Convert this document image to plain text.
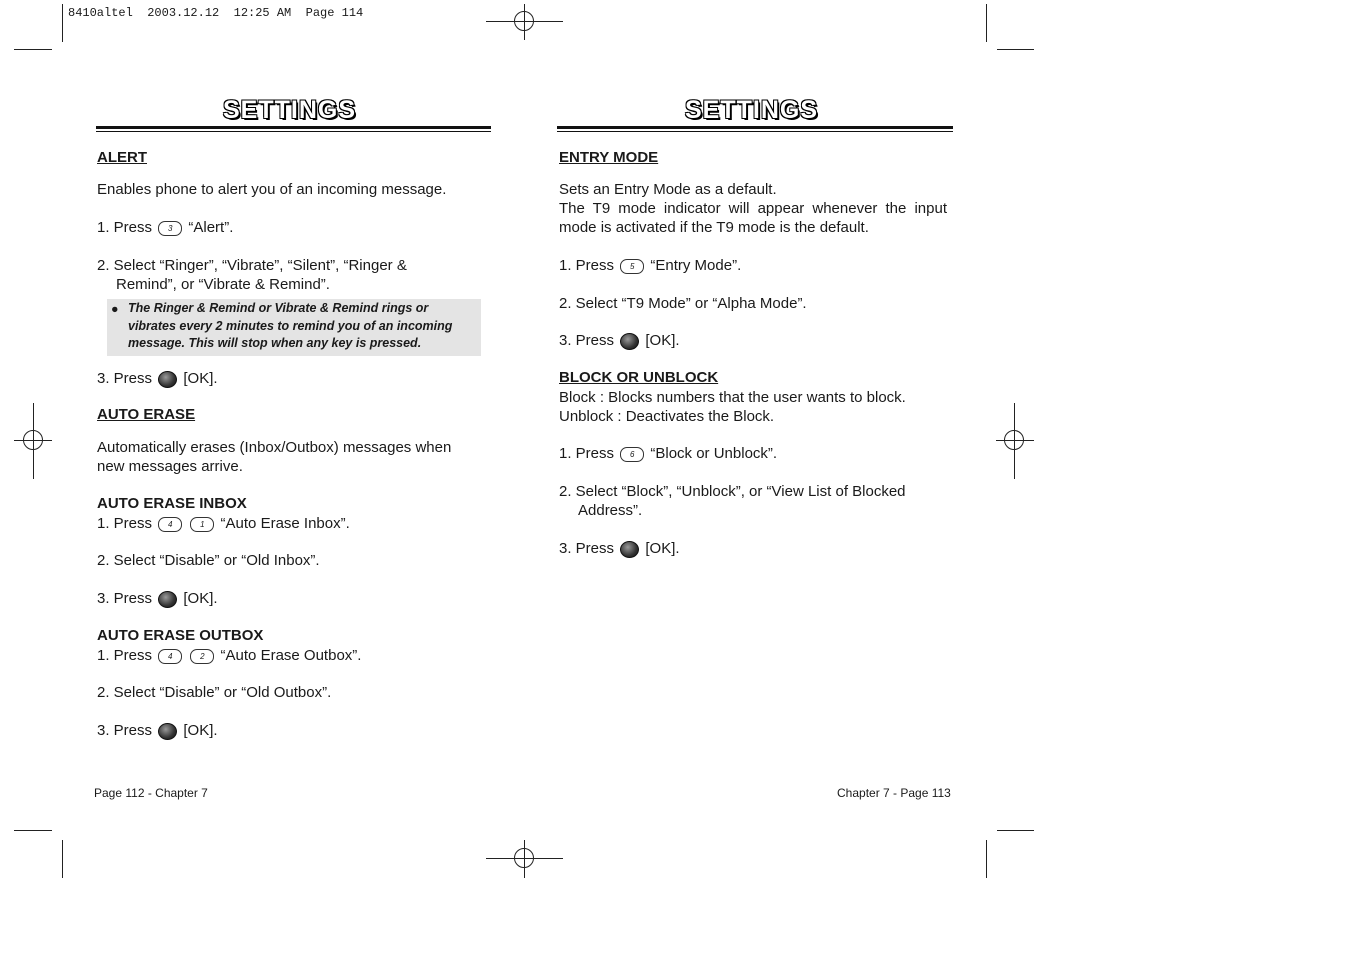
8410altel  2003.12.12  12:25 AM  Page 114
SETTINGS
ALERT
Enables phone to alert you of an incoming message.
1. Press 3 “Alert”.
2. Select “Ringer”, “Vibrate”, “Silent”, “Ringer &
Remind”, or “Vibrate & Remind”.
● The Ringer & Remind or Vibrate & Remind rings or
vibrates every 2 minutes to remind you of an incoming
message. This will stop when any key is pressed.
3. Press [OK].
AUTO ERASE
Automatically erases (Inbox/Outbox) messages when
new messages arrive.
AUTO ERASE INBOX
1. Press 4	1 “Auto Erase Inbox”.
2. Select “Disable” or “Old Inbox”.
3. Press [OK].
AUTO ERASE OUTBOX
1. Press 4	2 “Auto Erase Outbox”.
2. Select “Disable” or “Old Outbox”.
3. Press [OK].
Page 112 - Chapter 7
SETTINGS
ENTRY MODE
Sets an Entry Mode as a default.
The T9 mode indicator will appear whenever the input
mode is activated if the T9 mode is the default.
1. Press 5 “Entry Mode”.
2. Select “T9 Mode” or “Alpha Mode”.
3. Press [OK].
BLOCK OR UNBLOCK
Block : Blocks numbers that the user wants to block.
Unblock : Deactivates the Block.
1. Press 6 “Block or Unblock”.
2. Select “Block”, “Unblock”, or “View List of Blocked
Address”.
3. Press [OK].
Chapter 7 - Page 113
